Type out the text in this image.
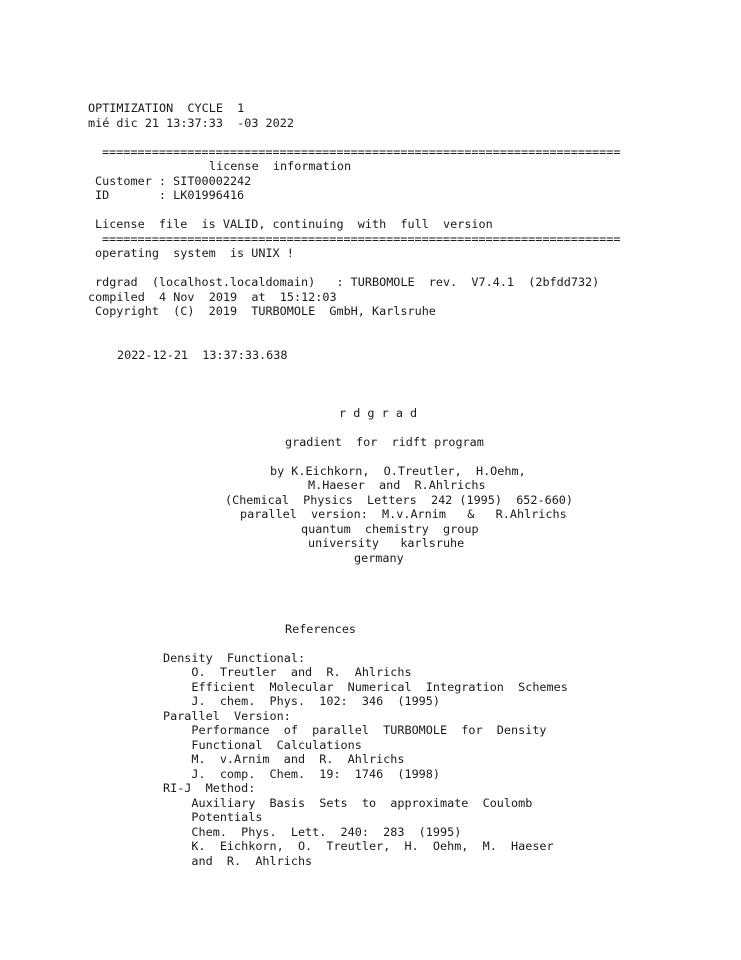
OPTIMIZATION  CYCLE  1
mié dic 21 13:37:33  -03 2022
=========================================================================
license  information
Customer : SIT00002242
ID       : LK01996416
License  file  is VALID, continuing  with  full  version
=========================================================================
operating  system  is UNIX !
rdgrad  (localhost.localdomain)   : TURBOMOLE  rev.  V7.4.1  (2bfdd732)
compiled  4 Nov  2019  at  15:12:03
Copyright  (C)  2019  TURBOMOLE  GmbH, Karlsruhe
2022-12-21  13:37:33.638
r d g r a d
gradient  for  ridft program
by K.Eichkorn,  O.Treutler,  H.Oehm,
M.Haeser  and  R.Ahlrichs
(Chemical  Physics  Letters  242 (1995)  652-660)
parallel  version:  M.v.Arnim   &   R.Ahlrichs
quantum  chemistry  group
university   karlsruhe
germany
References
Density  Functional:
O.  Treutler  and  R.  Ahlrichs
Efficient  Molecular  Numerical  Integration  Schemes
J.  chem.  Phys.  102:  346  (1995)
Parallel  Version:
Performance  of  parallel  TURBOMOLE  for  Density
Functional  Calculations
M.  v.Arnim  and  R.  Ahlrichs
J.  comp.  Chem.  19:  1746  (1998)
RI-J  Method:
Auxiliary  Basis  Sets  to  approximate  Coulomb
Potentials
Chem.  Phys.  Lett.  240:  283  (1995)
K.  Eichkorn,  O.  Treutler,  H.  Oehm,  M.  Haeser
and  R.  Ahlrichs
